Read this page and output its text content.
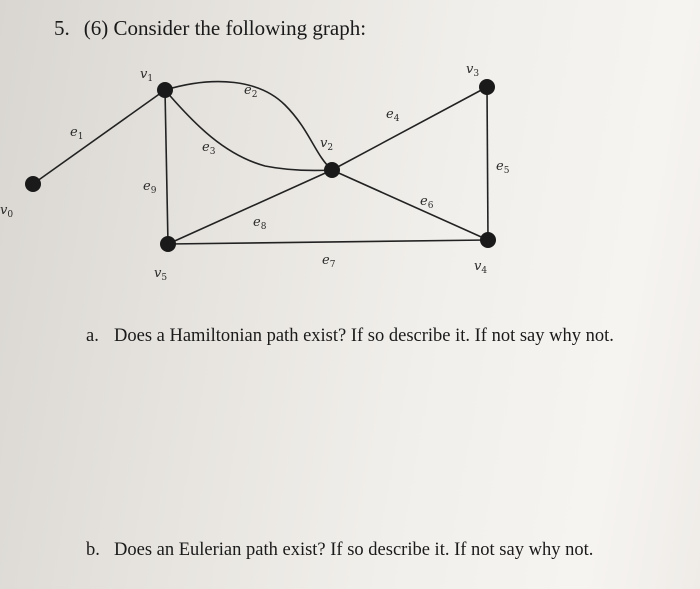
5. (6) Consider the following graph:
$v_0$
$v_1$
$v_2$
$v_3$
$v_4$
$v_5$
$e_1$
$e_2$
$e_3$
$e_4$
$e_5$
$e_6$
$e_7$
$e_8$
$e_9$
a. Does a Hamiltonian path exist? If so describe it. If not say why not.
b. Does an Eulerian path exist? If so describe it. If not say why not.
